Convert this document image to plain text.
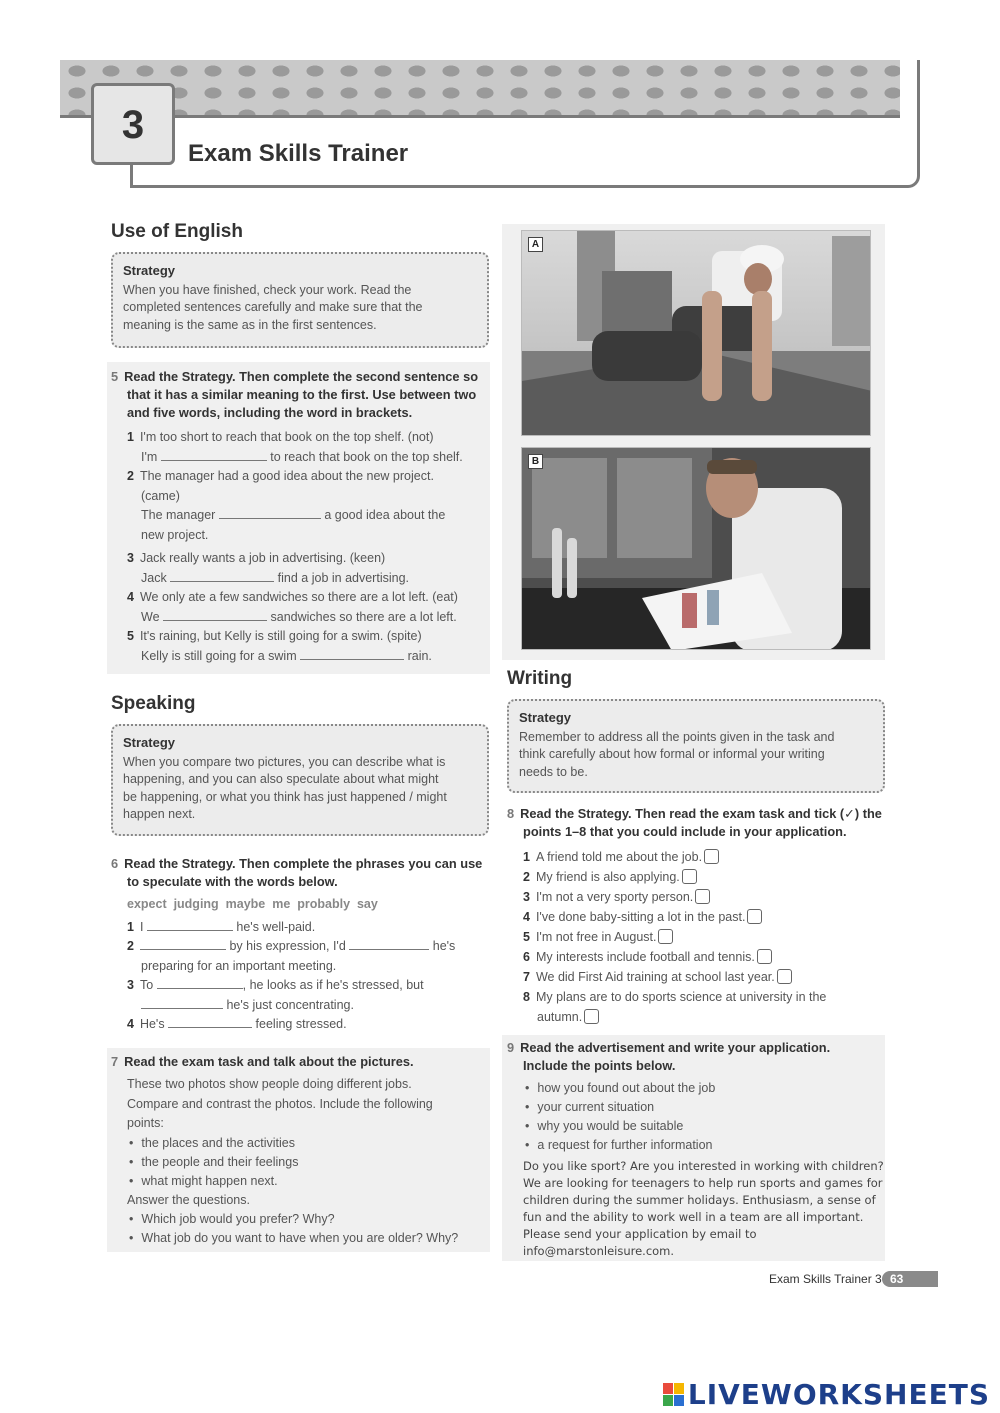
3
Exam Skills Trainer
Use of English
Strategy
When you have finished, check your work. Read the
completed sentences carefully and make sure that the
meaning is the same as in the first sentences.
5 Read the Strategy. Then complete the second sentence so
that it has a similar meaning to the first. Use between two
and five words, including the word in brackets.
1 I'm too short to reach that book on the top shelf. (not)
I'm	to reach that book on the top shelf.
2 The manager had a good idea about the new project.
(came)
The manager	a good idea about the
new project.
3 Jack really wants a job in advertising. (keen)
Jack	find a job in advertising.
4 We only ate a few sandwiches so there are a lot left. (eat)
We	sandwiches so there are a lot left.
5 It's raining, but Kelly is still going for a swim. (spite)
Kelly is still going for a swim	rain.
Speaking
Strategy
When you compare two pictures, you can describe what is
happening, and you can also speculate about what might
be happening, or what you think has just happened / might
happen next.
6 Read the Strategy. Then complete the phrases you can use
to speculate with the words below.
expect judging maybe me probably say
1 I	he's well-paid.
2	by his expression, I'd	he's
preparing for an important meeting.
3 To	, he looks as if he's stressed, but
he's just concentrating.
4 He's	feeling stressed.
7 Read the exam task and talk about the pictures.
These two photos show people doing different jobs.
Compare and contrast the photos. Include the following
points:
• the places and the activities
• the people and their feelings
• what might happen next.
Answer the questions.
• Which job would you prefer? Why?
• What job do you want to have when you are older? Why?
A
B
Writing
Strategy
Remember to address all the points given in the task and
think carefully about how formal or informal your writing
needs to be.
8 Read the Strategy. Then read the exam task and tick (✓) the
points 1–8 that you could include in your application.
1 A friend told me about the job.
2 My friend is also applying.
3 I'm not a very sporty person.
4 I've done baby-sitting a lot in the past.
5 I'm not free in August.
6 My interests include football and tennis.
7 We did First Aid training at school last year.
8 My plans are to do sports science at university in the
autumn.
9 Read the advertisement and write your application.
Include the points below.
• how you found out about the job
• your current situation
• why you would be suitable
• a request for further information
Do you like sport? Are you interested in working with children?
We are looking for teenagers to help run sports and games for
children during the summer holidays. Enthusiasm, a sense of
fun and the ability to work well in a team are all important.
Please send your application by email to
info@marstonleisure.com.
Exam Skills Trainer 3 63
LIVEWORKSHEETS
